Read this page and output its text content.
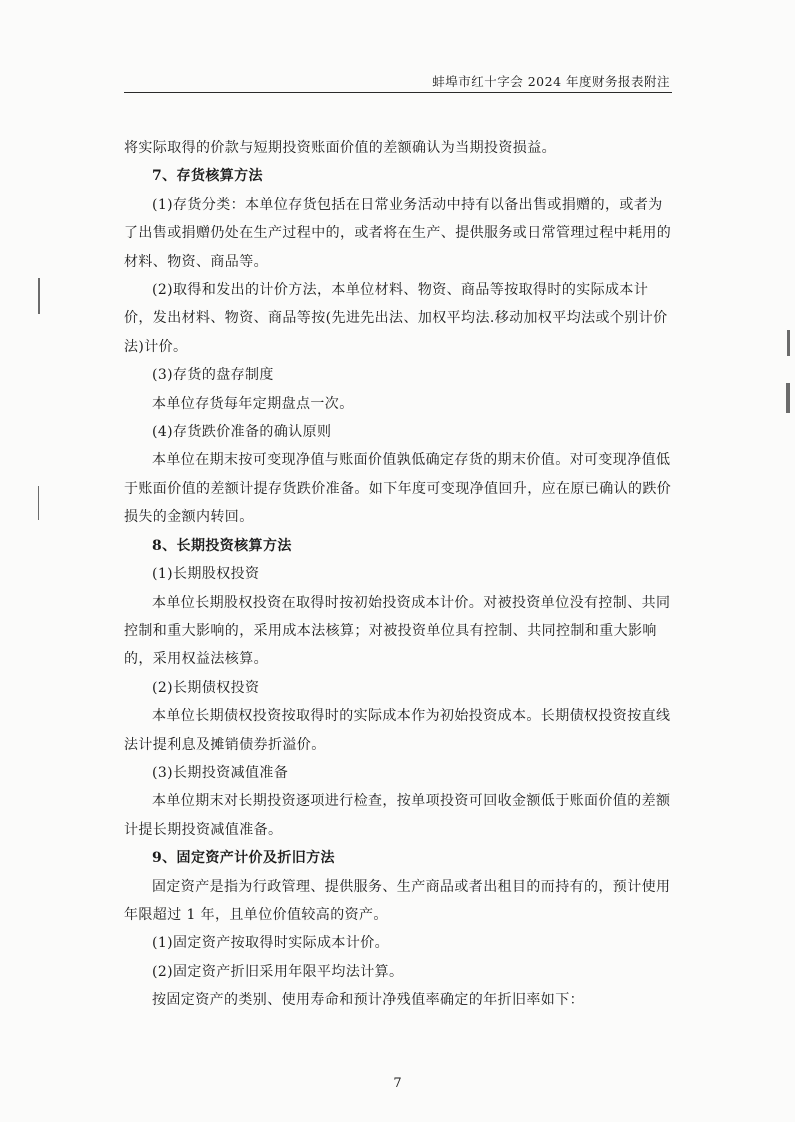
蚌埠市红十字会 2024 年度财务报表附注

将实际取得的价款与短期投资账面价值的差额确认为当期投资损益。

7、存货核算方法

(1)存货分类：本单位存货包括在日常业务活动中持有以备出售或捐赠的，或者为了出售或捐赠仍处在生产过程中的，或者将在生产、提供服务或日常管理过程中耗用的材料、物资、商品等。

(2)取得和发出的计价方法，本单位材料、物资、商品等按取得时的实际成本计价，发出材料、物资、商品等按(先进先出法、加权平均法.移动加权平均法或个别计价法)计价。

(3)存货的盘存制度

本单位存货每年定期盘点一次。

(4)存货跌价准备的确认原则

本单位在期末按可变现净值与账面价值孰低确定存货的期末价值。对可变现净值低于账面价值的差额计提存货跌价准备。如下年度可变现净值回升，应在原已确认的跌价损失的金额内转回。

8、长期投资核算方法

(1)长期股权投资

本单位长期股权投资在取得时按初始投资成本计价。对被投资单位没有控制、共同控制和重大影响的，采用成本法核算；对被投资单位具有控制、共同控制和重大影响的，采用权益法核算。

(2)长期债权投资

本单位长期债权投资按取得时的实际成本作为初始投资成本。长期债权投资按直线法计提利息及摊销债券折溢价。

(3)长期投资减值准备

本单位期末对长期投资逐项进行检查，按单项投资可回收金额低于账面价值的差额计提长期投资减值准备。

9、固定资产计价及折旧方法

固定资产是指为行政管理、提供服务、生产商品或者出租目的而持有的，预计使用年限超过 1 年，且单位价值较高的资产。

(1)固定资产按取得时实际成本计价。

(2)固定资产折旧采用年限平均法计算。

按固定资产的类别、使用寿命和预计净残值率确定的年折旧率如下：

7
